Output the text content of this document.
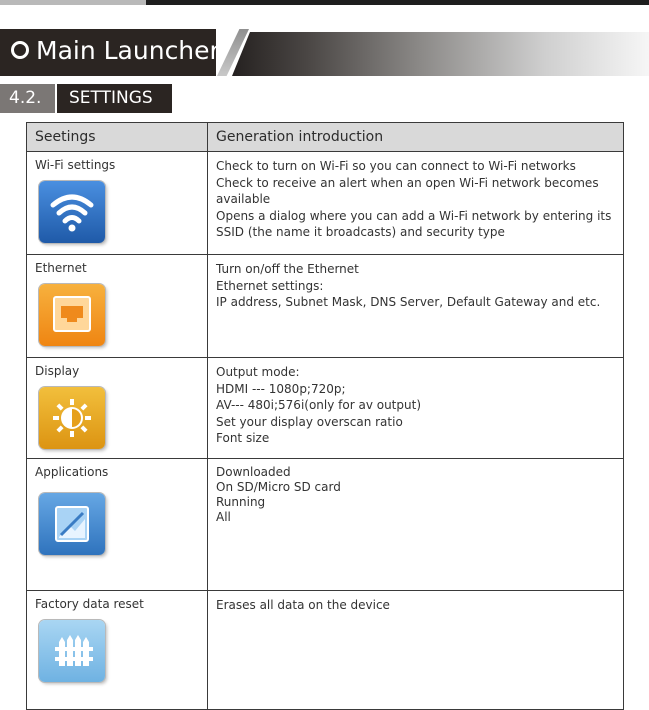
Main Launcher
4.2.	SETTINGS
Seetings	Generation introduction

Wi-Fi settings	Check to turn on Wi-Fi so you can connect to Wi-Fi networks
Check to receive an alert when an open Wi-Fi network becomes available
Opens a dialog where you can add a Wi-Fi network by entering its SSID (the name it broadcasts) and security type

Ethernet	Turn on/off the Ethernet
Ethernet settings:
IP address, Subnet Mask, DNS Server, Default Gateway and etc.

Display	Output mode:
HDMI --- 1080p;720p;
AV--- 480i;576i(only for av output)
Set your display overscan ratio
Font size

Applications	Downloaded
On SD/Micro SD card
Running
All

Factory data reset	Erases all data on the device
